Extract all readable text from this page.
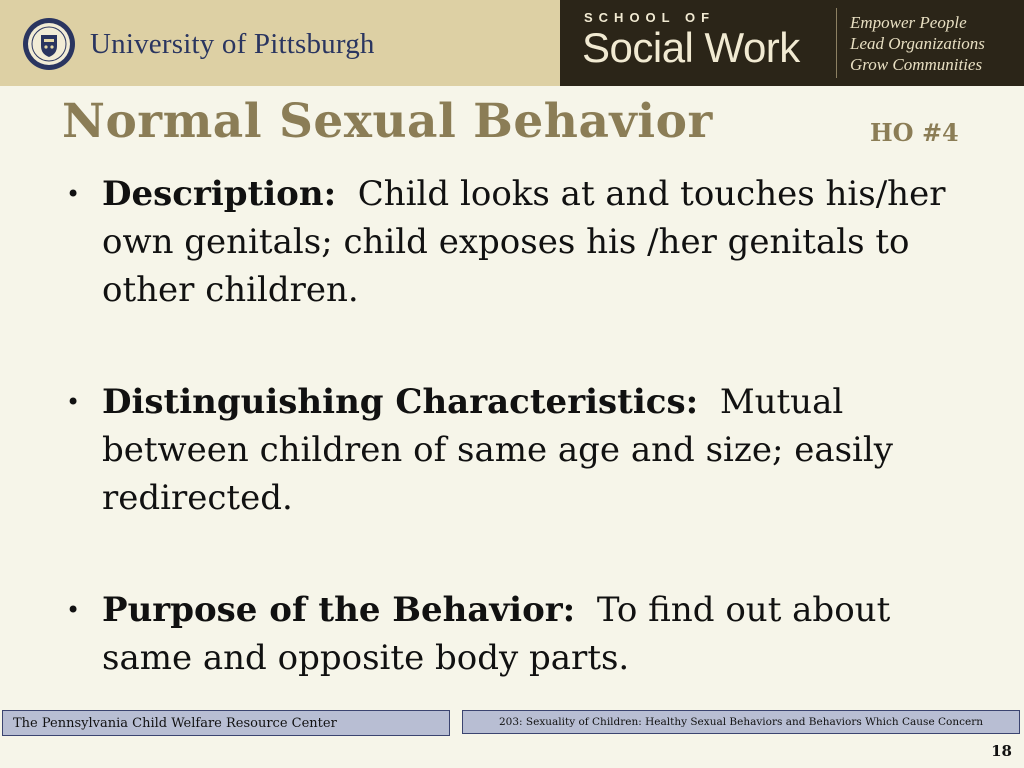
University of Pittsburgh
SCHOOL OF
Social Work
Empower People
Lead Organizations
Grow Communities
Normal Sexual Behavior	HO #4
• Description: Child looks at and touches his/her own genitals; child exposes his /her genitals to other children.
• Distinguishing Characteristics: Mutual between children of same age and size; easily redirected.
• Purpose of the Behavior: To find out about same and opposite body parts.
The Pennsylvania Child Welfare Resource Center	203: Sexuality of Children: Healthy Sexual Behaviors and Behaviors Which Cause Concern
18
